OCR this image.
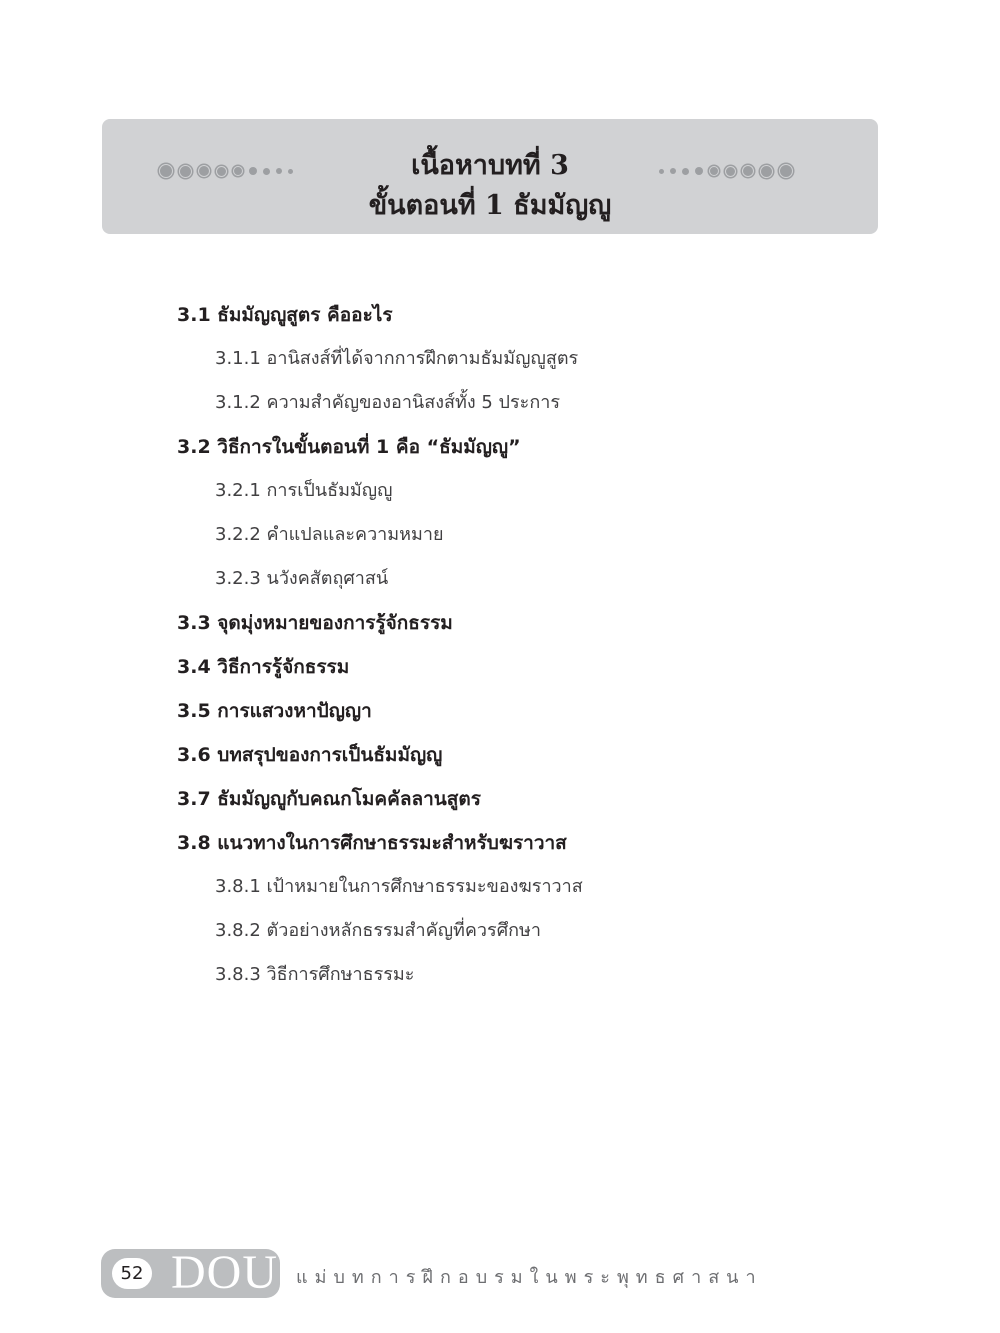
เนื้อหาบทที่ 3
ขั้นตอนที่ 1 ธัมมัญญู
3.1 ธัมมัญญูสูตร คืออะไร
3.1.1 อานิสงส์ที่ได้จากการฝึกตามธัมมัญญูสูตร
3.1.2 ความสำคัญของอานิสงส์ทั้ง 5 ประการ
3.2 วิธีการในขั้นตอนที่ 1 คือ “ธัมมัญญู”
3.2.1 การเป็นธัมมัญญู
3.2.2 คำแปลและความหมาย
3.2.3 นวังคสัตถุศาสน์
3.3 จุดมุ่งหมายของการรู้จักธรรม
3.4 วิธีการรู้จักธรรม
3.5 การแสวงหาปัญญา
3.6 บทสรุปของการเป็นธัมมัญญู
3.7 ธัมมัญญูกับคณกโมคคัลลานสูตร
3.8 แนวทางในการศึกษาธรรมะสำหรับฆราวาส
3.8.1 เป้าหมายในการศึกษาธรรมะของฆราวาส
3.8.2 ตัวอย่างหลักธรรมสำคัญที่ควรศึกษา
3.8.3 วิธีการศึกษาธรรมะ
52 DOU แม่บทการฝึกอบรมในพระพุทธศาสนา
